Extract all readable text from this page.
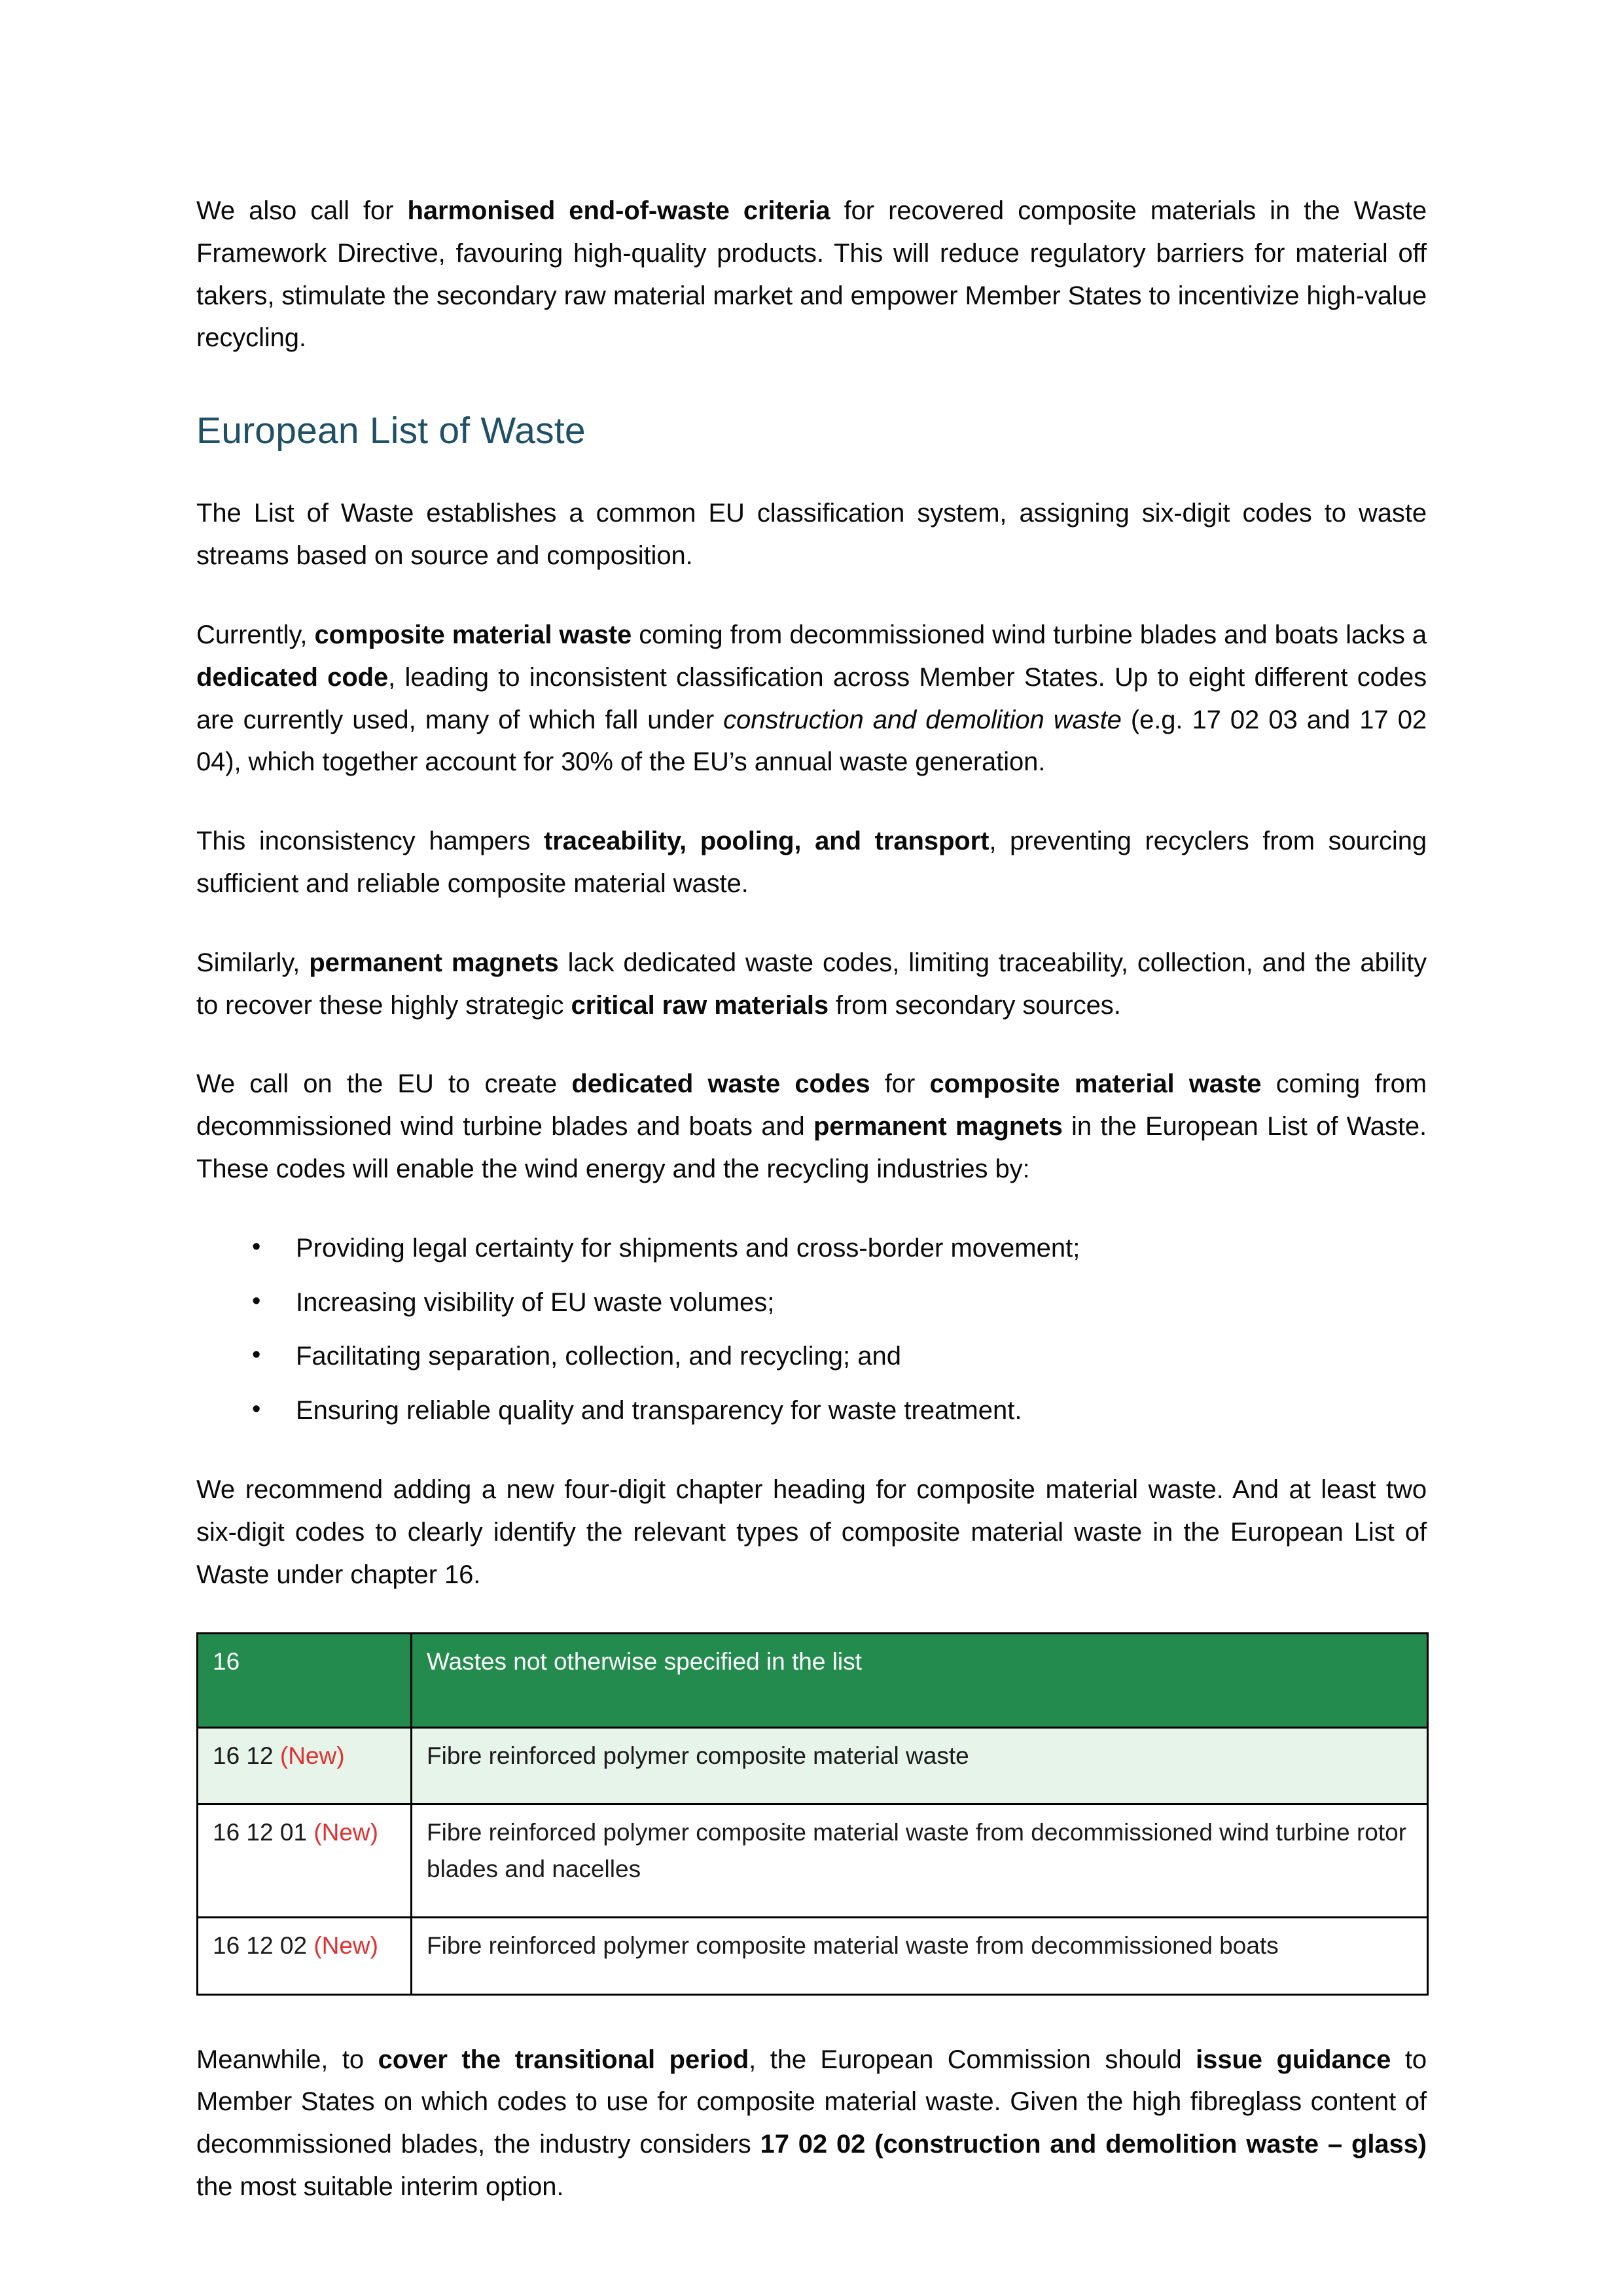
We also call for harmonised end-of-waste criteria for recovered composite materials in the Waste Framework Directive, favouring high-quality products. This will reduce regulatory barriers for material off takers, stimulate the secondary raw material market and empower Member States to incentivize high-value recycling.

European List of Waste

The List of Waste establishes a common EU classification system, assigning six-digit codes to waste streams based on source and composition.

Currently, composite material waste coming from decommissioned wind turbine blades and boats lacks a dedicated code, leading to inconsistent classification across Member States. Up to eight different codes are currently used, many of which fall under construction and demolition waste (e.g. 17 02 03 and 17 02 04), which together account for 30% of the EU’s annual waste generation.

This inconsistency hampers traceability, pooling, and transport, preventing recyclers from sourcing sufficient and reliable composite material waste.

Similarly, permanent magnets lack dedicated waste codes, limiting traceability, collection, and the ability to recover these highly strategic critical raw materials from secondary sources.

We call on the EU to create dedicated waste codes for composite material waste coming from decommissioned wind turbine blades and boats and permanent magnets in the European List of Waste. These codes will enable the wind energy and the recycling industries by:

• Providing legal certainty for shipments and cross-border movement;
• Increasing visibility of EU waste volumes;
• Facilitating separation, collection, and recycling; and
• Ensuring reliable quality and transparency for waste treatment.

We recommend adding a new four-digit chapter heading for composite material waste. And at least two six-digit codes to clearly identify the relevant types of composite material waste in the European List of Waste under chapter 16.

16	Wastes not otherwise specified in the list
16 12 (New)	Fibre reinforced polymer composite material waste
16 12 01 (New)	Fibre reinforced polymer composite material waste from decommissioned wind turbine rotor blades and nacelles
16 12 02 (New)	Fibre reinforced polymer composite material waste from decommissioned boats

Meanwhile, to cover the transitional period, the European Commission should issue guidance to Member States on which codes to use for composite material waste. Given the high fibreglass content of decommissioned blades, the industry considers 17 02 02 (construction and demolition waste – glass) the most suitable interim option.
